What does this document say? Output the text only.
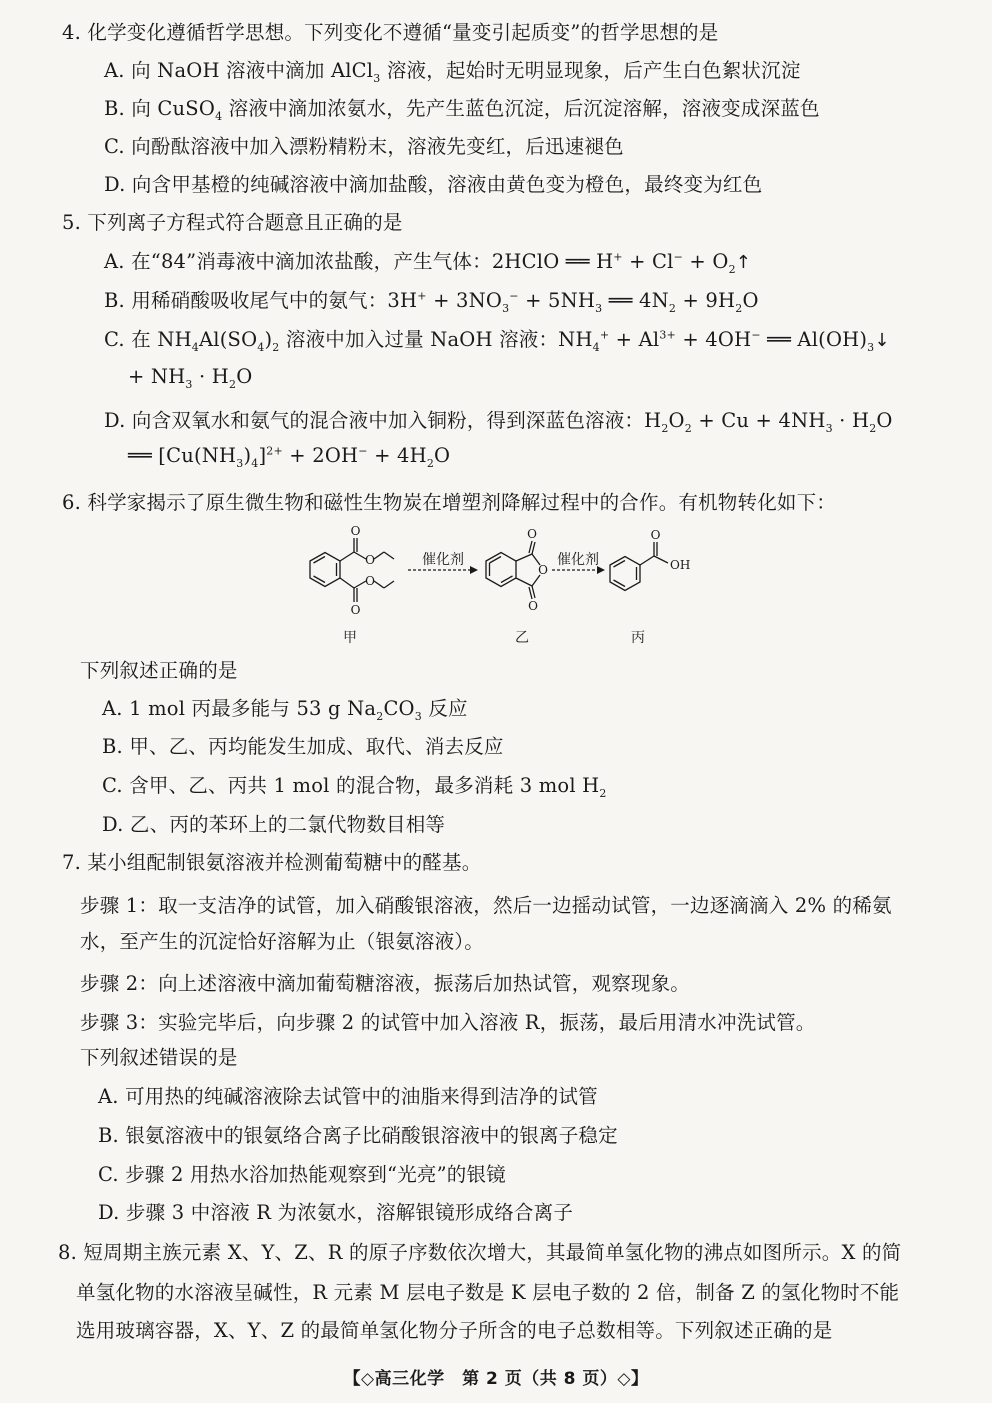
4. 化学变化遵循哲学思想。下列变化不遵循“量变引起质变”的哲学思想的是
A. 向 NaOH 溶液中滴加 AlCl$_3$ 溶液，起始时无明显现象，后产生白色絮状沉淀
B. 向 CuSO$_4$ 溶液中滴加浓氨水，先产生蓝色沉淀，后沉淀溶解，溶液变成深蓝色
C. 向酚酞溶液中加入漂粉精粉末，溶液先变红，后迅速褪色
D. 向含甲基橙的纯碱溶液中滴加盐酸，溶液由黄色变为橙色，最终变为红色
5. 下列离子方程式符合题意且正确的是
A. 在“84”消毒液中滴加浓盐酸，产生气体：2HClO ══ $H^+ + Cl^- + O_2↑$
B. 用稀硝酸吸收尾气中的氨气：$3H^+ + 3NO_3^- + 5NH_3$ ══ $4N_2 + 9H_2O$
C. 在 $NH_4Al(SO_4)_2$ 溶液中加入过量 NaOH 溶液：$NH_4^+ + Al^{3+} + 4OH^-$ ══ $Al(OH)_3↓$
+ $NH_3 \cdot H_2O$
D. 向含双氧水和氨气的混合液中加入铜粉，得到深蓝色溶液：$H_2O_2 + Cu + 4NH_3 \cdot H_2O$
══ $[Cu(NH_3)_4]^{2+} + 2OH^- + 4H_2O$
6. 科学家揭示了原生微生物和磁性生物炭在增塑剂降解过程中的合作。有机物转化如下：
O
O
O
O
O
O
O
O
OH
催化剂	催化剂
甲	乙	丙
下列叙述正确的是
A. 1 mol 丙最多能与 53 g $Na_2CO_3$ 反应
B. 甲、乙、丙均能发生加成、取代、消去反应
C. 含甲、乙、丙共 1 mol 的混合物，最多消耗 3 mol $H_2$
D. 乙、丙的苯环上的二氯代物数目相等
7. 某小组配制银氨溶液并检测葡萄糖中的醛基。
步骤 1：取一支洁净的试管，加入硝酸银溶液，然后一边摇动试管，一边逐滴滴入 2% 的稀氨
水，至产生的沉淀恰好溶解为止（银氨溶液）。
步骤 2：向上述溶液中滴加葡萄糖溶液，振荡后加热试管，观察现象。
步骤 3：实验完毕后，向步骤 2 的试管中加入溶液 R，振荡，最后用清水冲洗试管。
下列叙述错误的是
A. 可用热的纯碱溶液除去试管中的油脂来得到洁净的试管
B. 银氨溶液中的银氨络合离子比硝酸银溶液中的银离子稳定
C. 步骤 2 用热水浴加热能观察到“光亮”的银镜
D. 步骤 3 中溶液 R 为浓氨水，溶解银镜形成络合离子
8. 短周期主族元素 X、Y、Z、R 的原子序数依次增大，其最简单氢化物的沸点如图所示。X 的简
单氢化物的水溶液呈碱性，R 元素 M 层电子数是 K 层电子数的 2 倍，制备 Z 的氢化物时不能
选用玻璃容器，X、Y、Z 的最简单氢化物分子所含的电子总数相等。下列叙述正确的是
【◇高三化学　第 2 页（共 8 页）◇】
